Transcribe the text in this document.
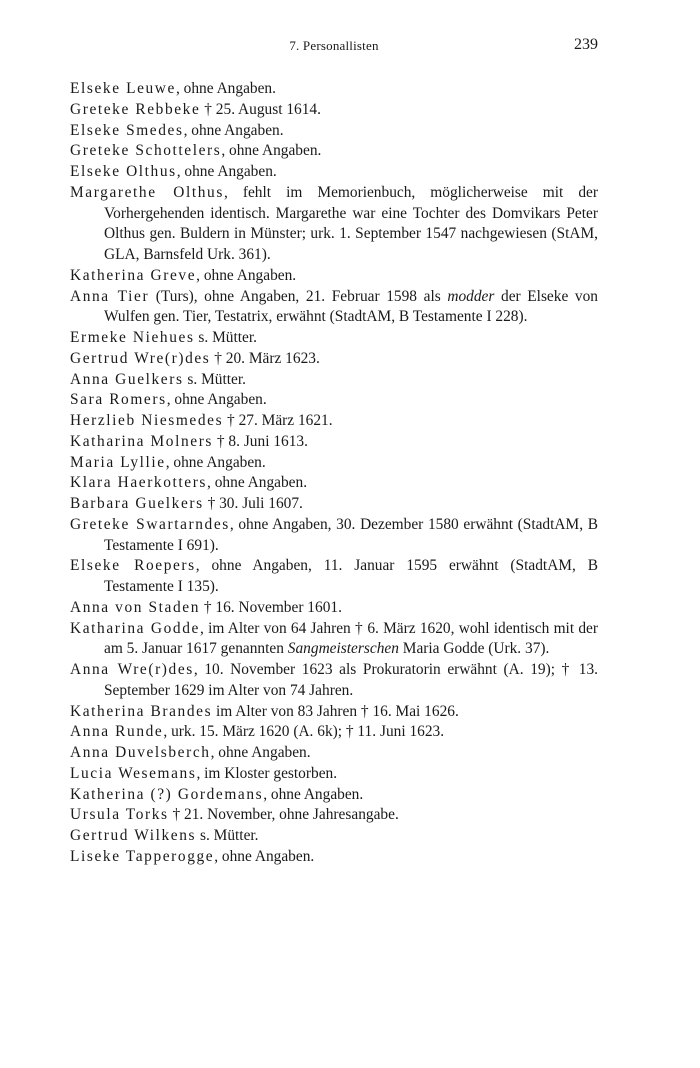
7. Personallisten	239
Elseke Leuwe, ohne Angaben.
Greteke Rebbeke † 25. August 1614.
Elseke Smedes, ohne Angaben.
Greteke Schottelers, ohne Angaben.
Elseke Olthus, ohne Angaben.
Margarethe Olthus, fehlt im Memorienbuch, möglicherweise mit der Vorhergehenden identisch. Margarethe war eine Tochter des Domvikars Peter Olthus gen. Buldern in Münster; urk. 1. September 1547 nachgewiesen (StAM, GLA, Barnsfeld Urk. 361).
Katherina Greve, ohne Angaben.
Anna Tier (Turs), ohne Angaben, 21. Februar 1598 als modder der Elseke von Wulfen gen. Tier, Testatrix, erwähnt (StadtAM, B Testamente I 228).
Ermeke Niehues s. Mütter.
Gertrud Wre(r)des † 20. März 1623.
Anna Guelkers s. Mütter.
Sara Romers, ohne Angaben.
Herzlieb Niesmedes † 27. März 1621.
Katharina Molners † 8. Juni 1613.
Maria Lyllie, ohne Angaben.
Klara Haerkotters, ohne Angaben.
Barbara Guelkers † 30. Juli 1607.
Greteke Swartarndes, ohne Angaben, 30. Dezember 1580 erwähnt (StadtAM, B Testamente I 691).
Elseke Roepers, ohne Angaben, 11. Januar 1595 erwähnt (StadtAM, B Testamente I 135).
Anna von Staden † 16. November 1601.
Katharina Godde, im Alter von 64 Jahren † 6. März 1620, wohl identisch mit der am 5. Januar 1617 genannten Sangmeisterschen Maria Godde (Urk. 37).
Anna Wre(r)des, 10. November 1623 als Prokuratorin erwähnt (A. 19); † 13. September 1629 im Alter von 74 Jahren.
Katherina Brandes im Alter von 83 Jahren † 16. Mai 1626.
Anna Runde, urk. 15. März 1620 (A. 6k); † 11. Juni 1623.
Anna Duvelsberch, ohne Angaben.
Lucia Wesemans, im Kloster gestorben.
Katherina (?) Gordemans, ohne Angaben.
Ursula Torks † 21. November, ohne Jahresangabe.
Gertrud Wilkens s. Mütter.
Liseke Tapperogge, ohne Angaben.
